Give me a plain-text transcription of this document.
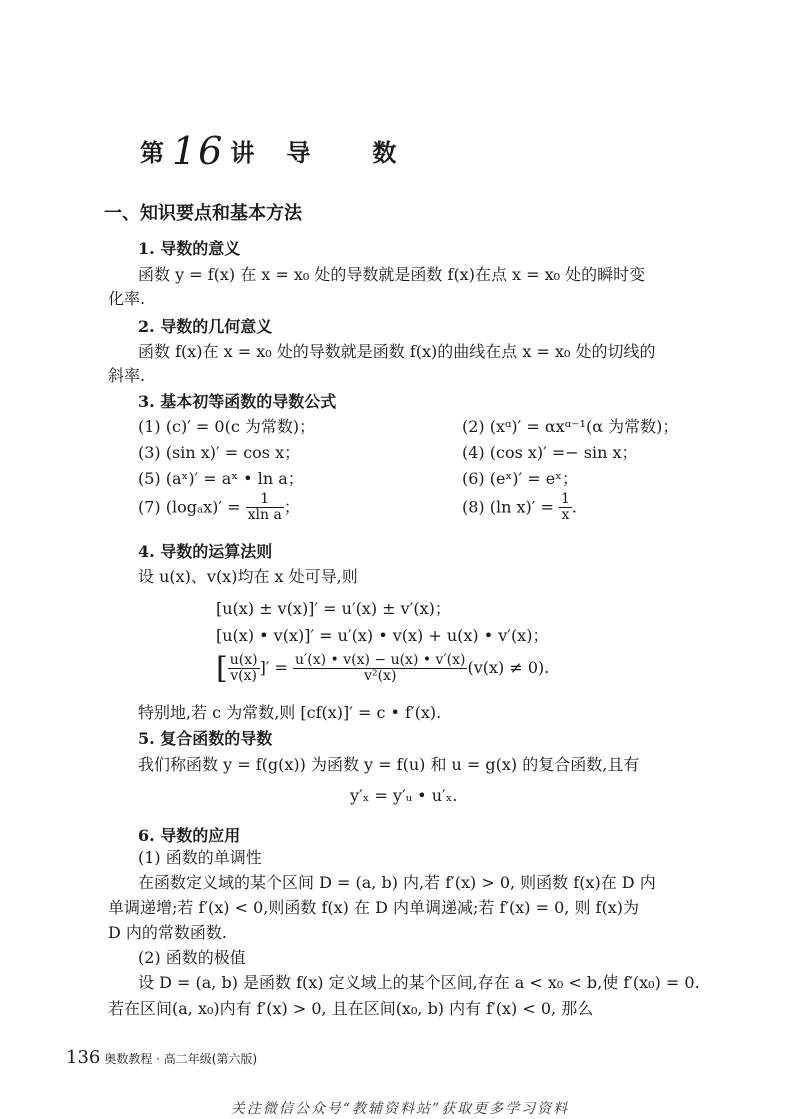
第 16 讲 导	数
一、知识要点和基本方法
1. 导数的意义
函数 y = f(x) 在 x = x₀ 处的导数就是函数 f(x)在点 x = x₀ 处的瞬时变
化率.
2. 导数的几何意义
函数 f(x)在 x = x₀ 处的导数就是函数 f(x)的曲线在点 x = x₀ 处的切线的
斜率.
3. 基本初等函数的导数公式
(1) (c)′ = 0(c 为常数)；	(2) (xᵅ)′ = αxᵅ⁻¹(α 为常数)；
(3) (sin x)′ = cos x；	(4) (cos x)′ =− sin x；
(5) (aˣ)′ = aˣ • ln a；	(6) (eˣ)′ = eˣ；
(7) $(\log_ax)' = \frac{1}{\text{xln a}}$ ；	(8) (ln $x)' = \frac{1}{x}$ .
4. 导数的运算法则
设 u(x)、v(x)均在 x 处可导,则
[u(x) ± v(x)]′ = u′(x) ± v′(x)；
[u(x) • v(x)]′ = u′(x) • v(x) + u(x) • v′(x)；
[ $\frac{u(x)}{v(x)}$ ]′ = $\frac{u'(x) • v(x) - u(x) • v'(x)}{\text{v²(x)}} (v(x) \ne 0)$.
特别地,若 c 为常数,则 [cf(x)]′ = c • f′(x).
5. 复合函数的导数
我们称函数 y = f(g(x)) 为函数 y = f(u) 和 u = g(x) 的复合函数,且有
y′ₓ = y′ᵤ • u′ₓ.
6. 导数的应用
(1) 函数的单调性
在函数定义域的某个区间 D = (a, b) 内,若 f′(x) > 0, 则函数 f(x)在 D 内
单调递增;若 f′(x) < 0,则函数 f(x) 在 D 内单调递减;若 f′(x) = 0, 则 f(x)为
D 内的常数函数.
(2) 函数的极值
设 D = (a, b) 是函数 f(x) 定义域上的某个区间,存在 a < x₀ < b,使 f′(x₀) = 0.
若在区间(a, x₀)内有 f′(x) > 0, 且在区间(x₀, b) 内有 f′(x) < 0, 那么
136 奥数教程 · 高二年级(第六版)
关注微信公众号“教辅资料站”获取更多学习资料
